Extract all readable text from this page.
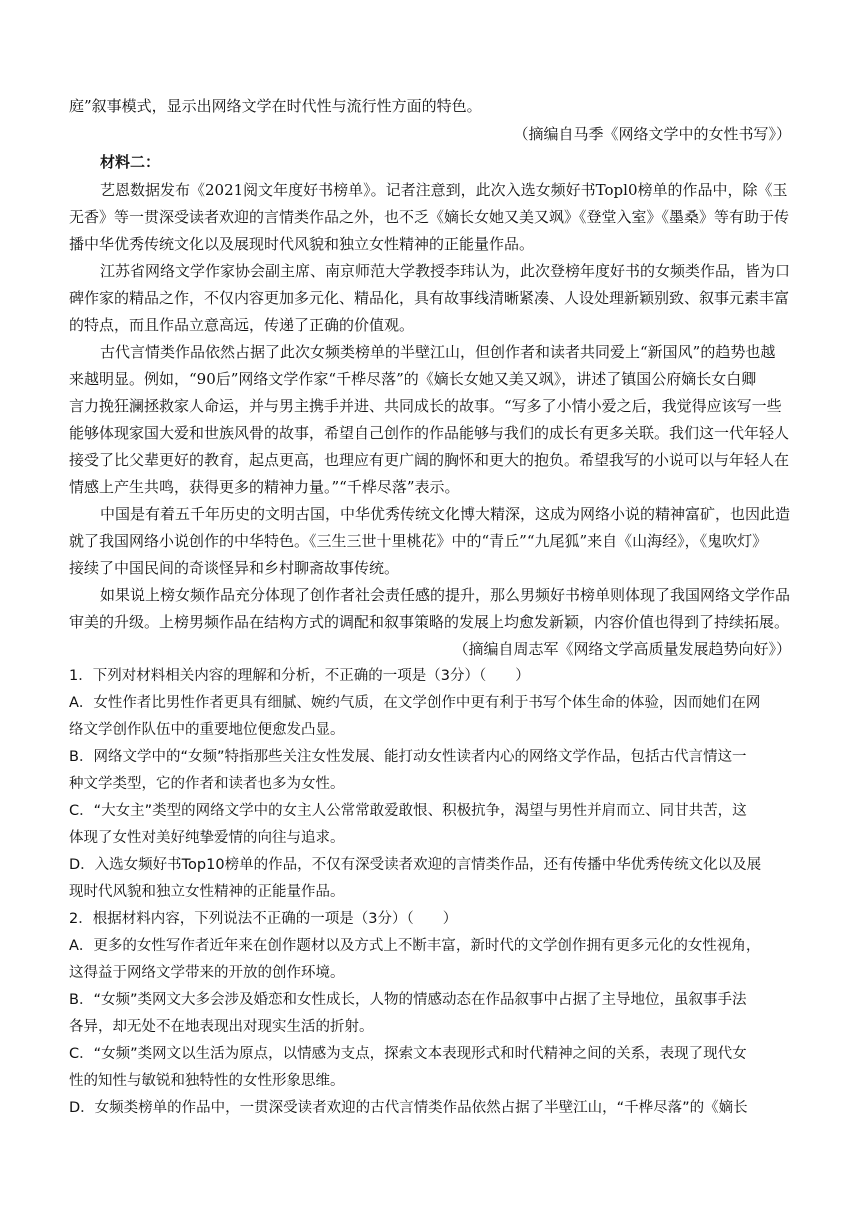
庭”叙事模式，显示出网络文学在时代性与流行性方面的特色。
（摘编自马季《网络文学中的女性书写》）
材料二：
艺恩数据发布《2021阅文年度好书榜单》。记者注意到，此次入选女频好书Topl0榜单的作品中，除《玉
无香》等一贯深受读者欢迎的言情类作品之外，也不乏《嫡长女她又美又飒》《登堂入室》《墨桑》等有助于传
播中华优秀传统文化以及展现时代风貌和独立女性精神的正能量作品。
江苏省网络文学作家协会副主席、南京师范大学教授李玮认为，此次登榜年度好书的女频类作品，皆为口
碑作家的精品之作，不仅内容更加多元化、精品化，具有故事线清晰紧凑、人设处理新颖别致、叙事元素丰富
的特点，而且作品立意高远，传递了正确的价值观。
古代言情类作品依然占据了此次女频类榜单的半壁江山，但创作者和读者共同爱上“新国风”的趋势也越
来越明显。例如，“90后”网络文学作家“千桦尽落”的《嫡长女她又美又飒》，讲述了镇国公府嫡长女白卿
言力挽狂澜拯救家人命运，并与男主携手并进、共同成长的故事。“写多了小情小爱之后，我觉得应该写一些
能够体现家国大爱和世族风骨的故事，希望自己创作的作品能够与我们的成长有更多关联。我们这一代年轻人
接受了比父辈更好的教育，起点更高，也理应有更广阔的胸怀和更大的抱负。希望我写的小说可以与年轻人在
情感上产生共鸣，获得更多的精神力量。”“千桦尽落”表示。
中国是有着五千年历史的文明古国，中华优秀传统文化博大精深，这成为网络小说的精神富矿，也因此造
就了我国网络小说创作的中华特色。《三生三世十里桃花》中的“青丘”“九尾狐”来自《山海经》，《鬼吹灯》
接续了中国民间的奇谈怪异和乡村聊斋故事传统。
如果说上榜女频作品充分体现了创作者社会责任感的提升，那么男频好书榜单则体现了我国网络文学作品
审美的升级。上榜男频作品在结构方式的调配和叙事策略的发展上均愈发新颖，内容价值也得到了持续拓展。
（摘编自周志军《网络文学高质量发展趋势向好》）
1．下列对材料相关内容的理解和分析，不正确的一项是（3分）（　　）
A．女性作者比男性作者更具有细腻、婉约气质，在文学创作中更有利于书写个体生命的体验，因而她们在网
络文学创作队伍中的重要地位便愈发凸显。
B．网络文学中的“女频”特指那些关注女性发展、能打动女性读者内心的网络文学作品，包括古代言情这一
种文学类型，它的作者和读者也多为女性。
C．“大女主”类型的网络文学中的女主人公常常敢爱敢恨、积极抗争，渴望与男性并肩而立、同甘共苦，这
体现了女性对美好纯挚爱情的向往与追求。
D．入选女频好书Top10榜单的作品，不仅有深受读者欢迎的言情类作品，还有传播中华优秀传统文化以及展
现时代风貌和独立女性精神的正能量作品。
2．根据材料内容，下列说法不正确的一项是（3分）（　　）
A．更多的女性写作者近年来在创作题材以及方式上不断丰富，新时代的文学创作拥有更多元化的女性视角，
这得益于网络文学带来的开放的创作环境。
B．“女频”类网文大多会涉及婚恋和女性成长，人物的情感动态在作品叙事中占据了主导地位，虽叙事手法
各异，却无处不在地表现出对现实生活的折射。
C．“女频”类网文以生活为原点，以情感为支点，探索文本表现形式和时代精神之间的关系，表现了现代女
性的知性与敏锐和独特性的女性形象思维。
D．女频类榜单的作品中，一贯深受读者欢迎的古代言情类作品依然占据了半壁江山，“千桦尽落”的《嫡长
